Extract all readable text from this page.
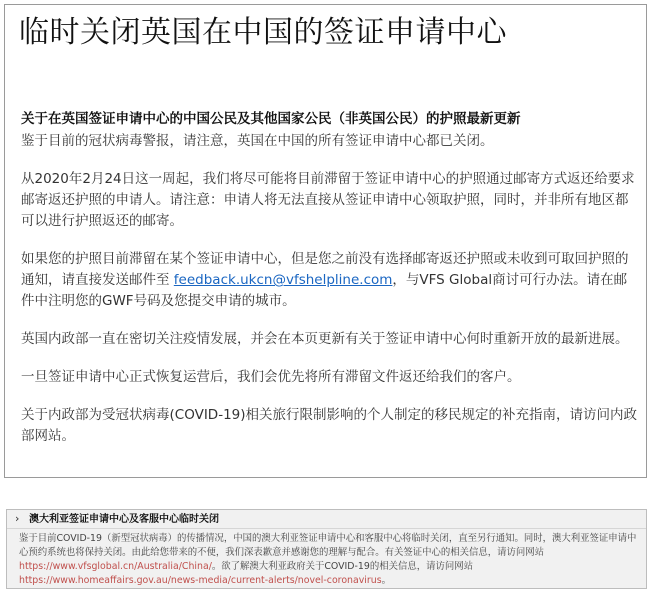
临时关闭英国在中国的签证申请中心

关于在英国签证申请中心的中国公民及其他国家公民（非英国公民）的护照最新更新

鉴于目前的冠状病毒警报，请注意，英国在中国的所有签证申请中心都已关闭。

从2020年2月24日这一周起，我们将尽可能将目前滞留于签证申请中心的护照通过邮寄方式返还给要求邮寄返还护照的申请人。请注意：申请人将无法直接从签证申请中心领取护照，同时，并非所有地区都可以进行护照返还的邮寄。

如果您的护照目前滞留在某个签证申请中心，但是您之前没有选择邮寄返还护照或未收到可取回护照的通知，请直接发送邮件至 feedback.ukcn@vfshelpline.com，与VFS Global商讨可行办法。请在邮件中注明您的GWF号码及您提交申请的城市。

英国内政部一直在密切关注疫情发展，并会在本页更新有关于签证申请中心何时重新开放的最新进展。

一旦签证申请中心正式恢复运营后，我们会优先将所有滞留文件返还给我们的客户。

关于内政部为受冠状病毒(COVID-19)相关旅行限制影响的个人制定的移民规定的补充指南，请访问内政部网站。

› 澳大利亚签证申请中心及客服中心临时关闭
鉴于目前COVID-19（新型冠状病毒）的传播情况，中国的澳大利亚签证申请中心和客服中心将临时关闭，直至另行通知。同时，澳大利亚签证申请中心预约系统也将保持关闭。由此给您带来的不便，我们深表歉意并感谢您的理解与配合。有关签证中心的相关信息，请访问网站https://www.vfsglobal.cn/Australia/China/。欲了解澳大利亚政府关于COVID-19的相关信息，请访问网站https://www.homeaffairs.gov.au/news-media/current-alerts/novel-coronavirus。
